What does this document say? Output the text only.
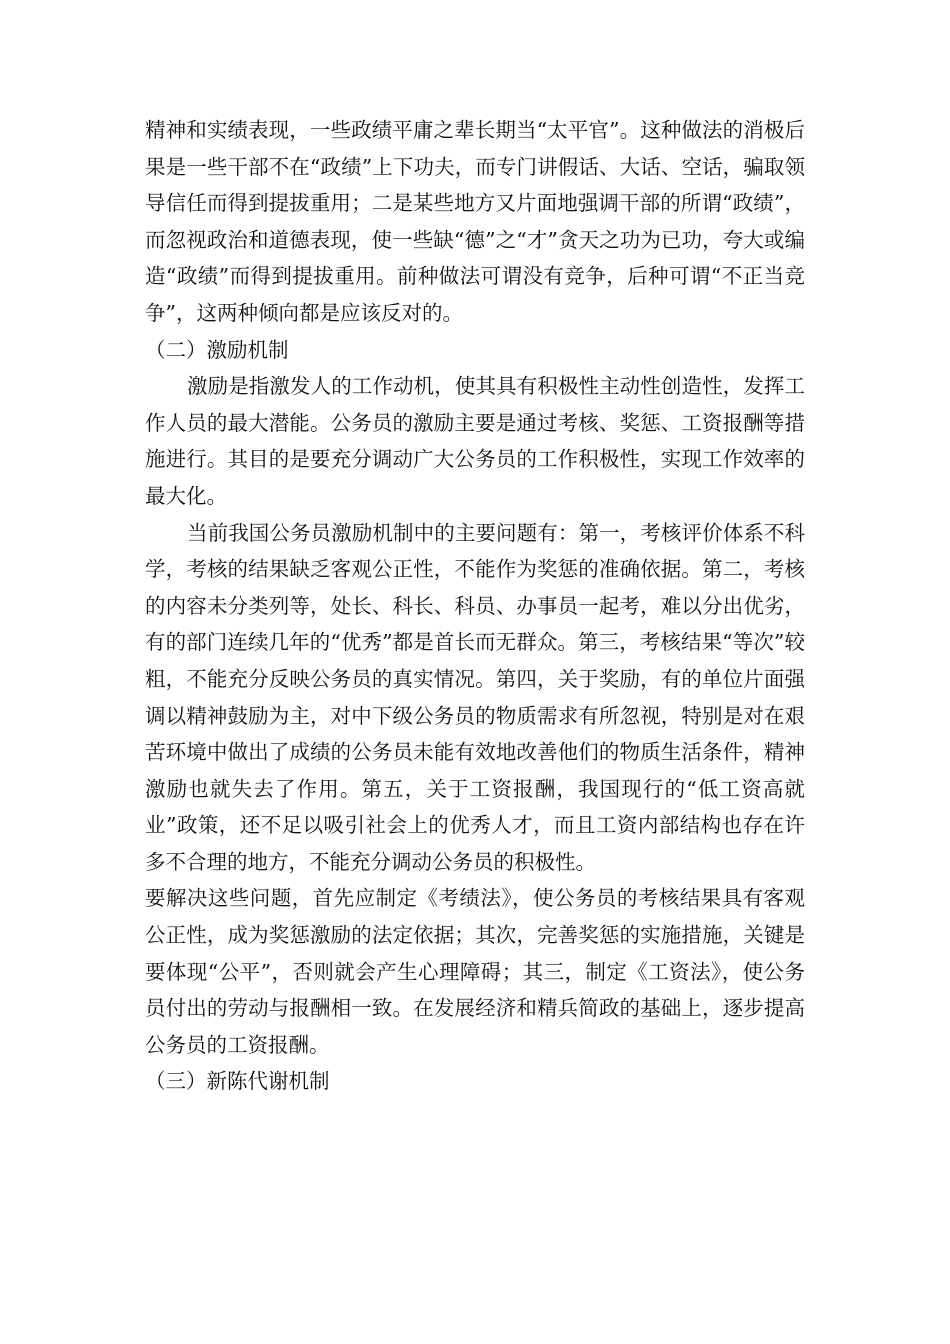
精神和实绩表现，一些政绩平庸之辈长期当“太平官”。这种做法的消极后果是一些干部不在“政绩”上下功夫，而专门讲假话、大话、空话，骗取领导信任而得到提拔重用；二是某些地方又片面地强调干部的所谓“政绩”，而忽视政治和道德表现，使一些缺“德”之“才”贪天之功为已功，夸大或编造“政绩”而得到提拔重用。前种做法可谓没有竞争，后种可谓“不正当竞争”，这两种倾向都是应该反对的。

（二）激励机制

激励是指激发人的工作动机，使其具有积极性主动性创造性，发挥工作人员的最大潜能。公务员的激励主要是通过考核、奖惩、工资报酬等措施进行。其目的是要充分调动广大公务员的工作积极性，实现工作效率的最大化。

当前我国公务员激励机制中的主要问题有：第一，考核评价体系不科学，考核的结果缺乏客观公正性，不能作为奖惩的准确依据。第二，考核的内容未分类列等，处长、科长、科员、办事员一起考，难以分出优劣，有的部门连续几年的“优秀”都是首长而无群众。第三，考核结果“等次”较粗，不能充分反映公务员的真实情况。第四，关于奖励，有的单位片面强调以精神鼓励为主，对中下级公务员的物质需求有所忽视，特别是对在艰苦环境中做出了成绩的公务员未能有效地改善他们的物质生活条件，精神激励也就失去了作用。第五，关于工资报酬，我国现行的“低工资高就业”政策，还不足以吸引社会上的优秀人才，而且工资内部结构也存在许多不合理的地方，不能充分调动公务员的积极性。

要解决这些问题，首先应制定《考绩法》，使公务员的考核结果具有客观公正性，成为奖惩激励的法定依据；其次，完善奖惩的实施措施，关键是要体现“公平”，否则就会产生心理障碍；其三，制定《工资法》，使公务员付出的劳动与报酬相一致。在发展经济和精兵简政的基础上，逐步提高公务员的工资报酬。

（三）新陈代谢机制
